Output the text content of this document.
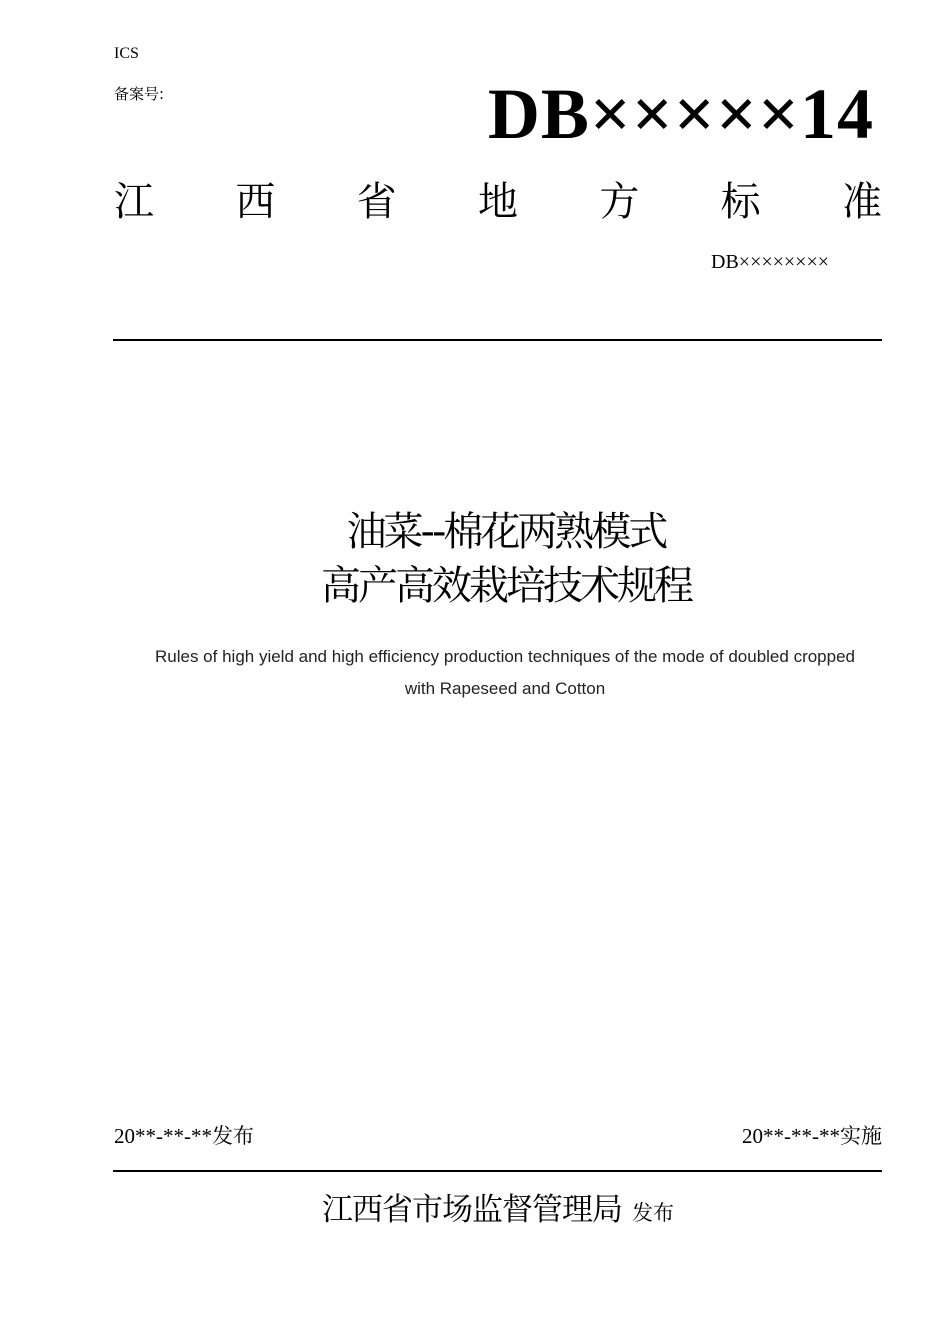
ICS
备案号:	DB×××××14
江 西 省 地 方 标 准
DB××××××××
油菜--棉花两熟模式
高产高效栽培技术规程
Rules of high yield and high efficiency production techniques of the mode of doubled cropped
with Rapeseed and Cotton
20**-**-**发布	20**-**-**实施
江西省市场监督管理局 发布
